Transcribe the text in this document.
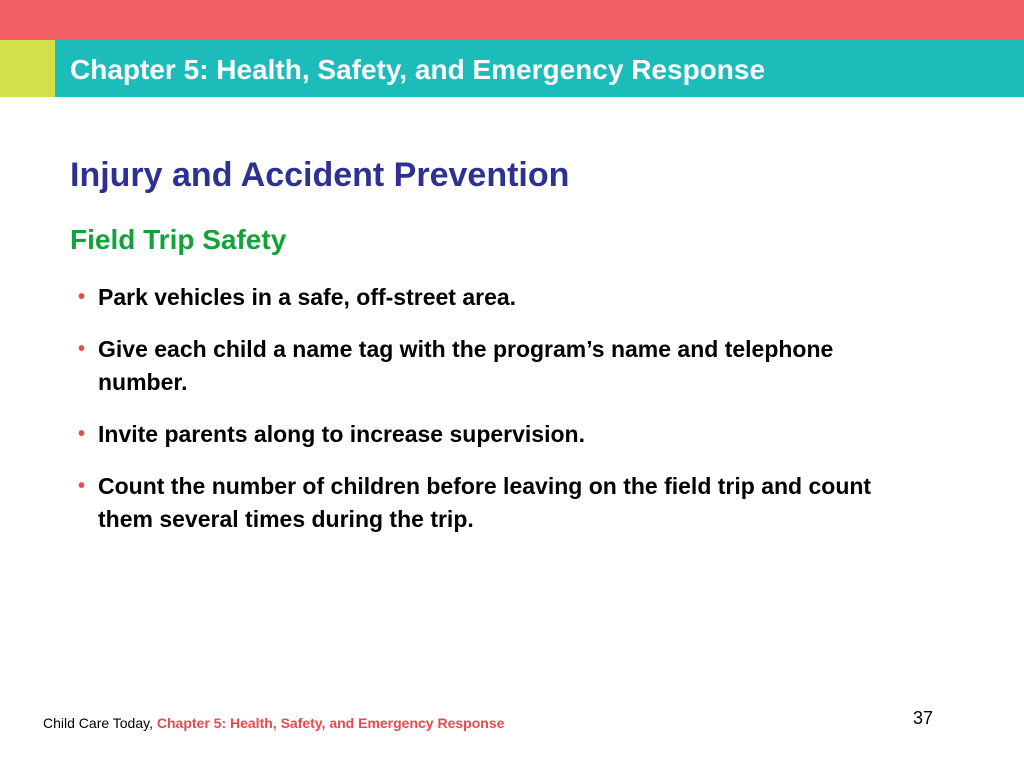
Chapter 5: Health, Safety, and Emergency Response
Injury and Accident Prevention
Field Trip Safety
• Park vehicles in a safe, off-street area.
• Give each child a name tag with the program’s name and telephone number.
• Invite parents along to increase supervision.
• Count the number of children before leaving on the field trip and count them several times during the trip.
Child Care Today, Chapter 5: Health, Safety, and Emergency Response	37
